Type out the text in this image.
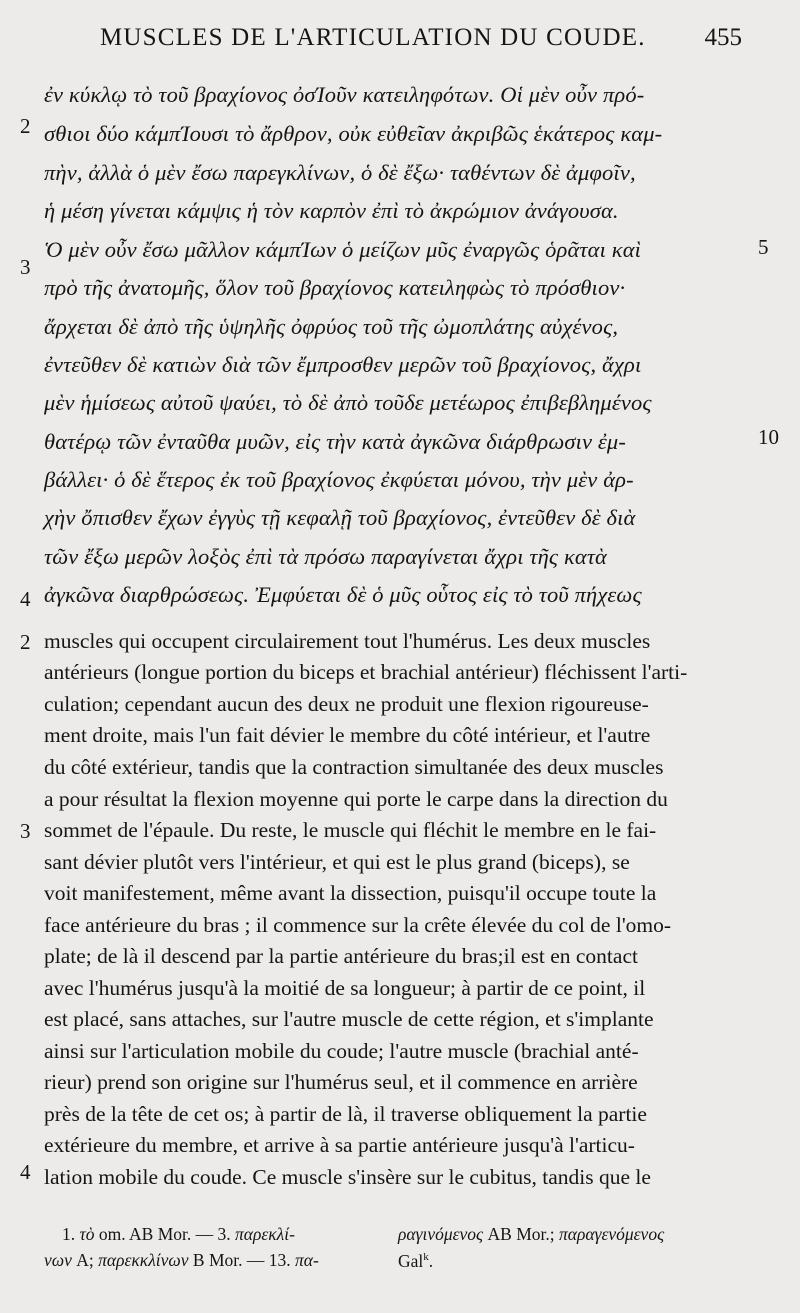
MUSCLES DE L'ARTICULATION DU COUDE. 455
ἐν κύκλῳ τὸ τοῦ βραχίονος ὀσΊοῦν κατειληφότων. Οἱ μὲν οὖν πρό-
σθιοι δύο κάμπΊουσι τὸ ἄρθρον, οὐκ εὐθεῖαν ἀκριβῶς ἑκάτερος καμ-
πὴν, ἀλλὰ ὁ μὲν ἔσω παρεγκλίνων, ὁ δὲ ἔξω· ταθέντων δὲ ἀμφοῖν,
ἡ μέση γίνεται κάμψις ἡ τὸν καρπὸν ἐπὶ τὸ ἀκρώμιον ἀνάγουσα.
Ὁ μὲν οὖν ἔσω μᾶλλον κάμπΊων ὁ μείζων μῦς ἐναργῶς ὁρᾶται καὶ
πρὸ τῆς ἀνατομῆς, ὅλον τοῦ βραχίονος κατειληφὼς τὸ πρόσθιον·
ἄρχεται δὲ ἀπὸ τῆς ὑψηλῆς ὀφρύος τοῦ τῆς ὠμοπλάτης αὐχένος,
ἐντεῦθεν δὲ κατιὼν διὰ τῶν ἔμπροσθεν μερῶν τοῦ βραχίονος, ἄχρι
μὲν ἡμίσεως αὐτοῦ ψαύει, τὸ δὲ ἀπὸ τοῦδε μετέωρος ἐπιβεβλημένος
θατέρῳ τῶν ἐνταῦθα μυῶν, εἰς τὴν κατὰ ἀγκῶνα διάρθρωσιν ἐμ-
βάλλει· ὁ δὲ ἕτερος ἐκ τοῦ βραχίονος ἐκφύεται μόνου, τὴν μὲν ἀρ-
χὴν ὄπισθεν ἔχων ἐγγὺς τῇ κεφαλῇ τοῦ βραχίονος, ἐντεῦθεν δὲ διὰ
τῶν ἔξω μερῶν λοξὸς ἐπὶ τὰ πρόσω παραγίνεται ἄχρι τῆς κατὰ
ἀγκῶνα διαρθρώσεως. Ἐμφύεται δὲ ὁ μῦς οὗτος εἰς τὸ τοῦ πήχεως
2
3
4
5
10
muscles qui occupent circulairement tout l'humérus. Les deux muscles
antérieurs (longue portion du biceps et brachial antérieur) fléchissent l'arti-
culation; cependant aucun des deux ne produit une flexion rigoureuse-
ment droite, mais l'un fait dévier le membre du côté intérieur, et l'autre
du côté extérieur, tandis que la contraction simultanée des deux muscles
a pour résultat la flexion moyenne qui porte le carpe dans la direction du
sommet de l'épaule. Du reste, le muscle qui fléchit le membre en le fai-
sant dévier plutôt vers l'intérieur, et qui est le plus grand (biceps), se
voit manifestement, même avant la dissection, puisqu'il occupe toute la
face antérieure du bras ; il commence sur la crête élevée du col de l'omo-
plate; de là il descend par la partie antérieure du bras;il est en contact
avec l'humérus jusqu'à la moitié de sa longueur; à partir de ce point, il
est placé, sans attaches, sur l'autre muscle de cette région, et s'implante
ainsi sur l'articulation mobile du coude; l'autre muscle (brachial anté-
rieur) prend son origine sur l'humérus seul, et il commence en arrière
près de la tête de cet os; à partir de là, il traverse obliquement la partie
extérieure du membre, et arrive à sa partie antérieure jusqu'à l'articu-
lation mobile du coude. Ce muscle s'insère sur le cubitus, tandis que le
2
3
4
1. τὸ om. AB Mor. — 3. παρεκλί-
νων A; παρεκκλίνων B Mor. — 13. πα-
ραγινόμενος AB Mor.; παραγενόμενος
Gal$^k$.
